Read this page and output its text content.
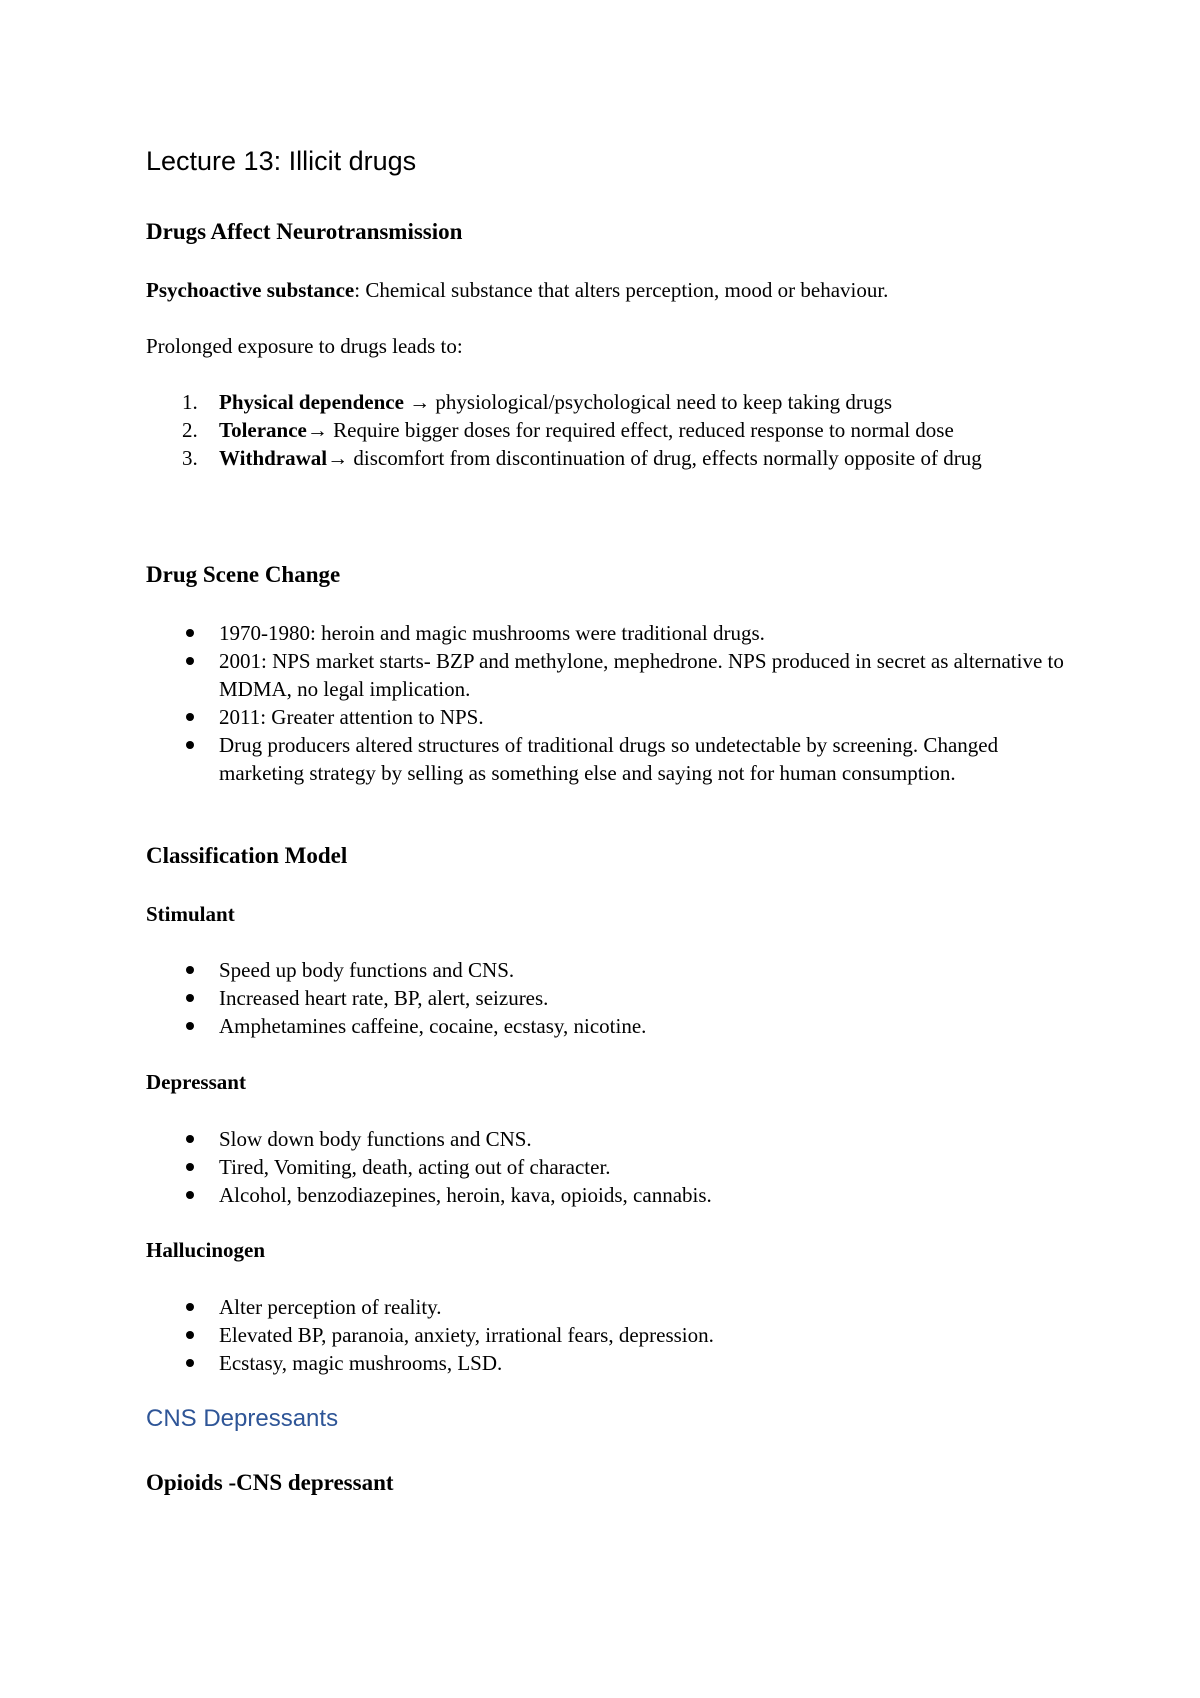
Lecture 13: Illicit drugs
Drugs Affect Neurotransmission
Psychoactive substance: Chemical substance that alters perception, mood or behaviour.
Prolonged exposure to drugs leads to:
1. Physical dependence → physiological/psychological need to keep taking drugs
2. Tolerance→ Require bigger doses for required effect, reduced response to normal dose
3. Withdrawal→ discomfort from discontinuation of drug, effects normally opposite of drug
Drug Scene Change
1970-1980: heroin and magic mushrooms were traditional drugs.
2001: NPS market starts- BZP and methylone, mephedrone. NPS produced in secret as alternative to MDMA, no legal implication.
2011: Greater attention to NPS.
Drug producers altered structures of traditional drugs so undetectable by screening. Changed marketing strategy by selling as something else and saying not for human consumption.
Classification Model
Stimulant
Speed up body functions and CNS.
Increased heart rate, BP, alert, seizures.
Amphetamines caffeine, cocaine, ecstasy, nicotine.
Depressant
Slow down body functions and CNS.
Tired, Vomiting, death, acting out of character.
Alcohol, benzodiazepines, heroin, kava, opioids, cannabis.
Hallucinogen
Alter perception of reality.
Elevated BP, paranoia, anxiety, irrational fears, depression.
Ecstasy, magic mushrooms, LSD.
CNS Depressants
Opioids -CNS depressant
